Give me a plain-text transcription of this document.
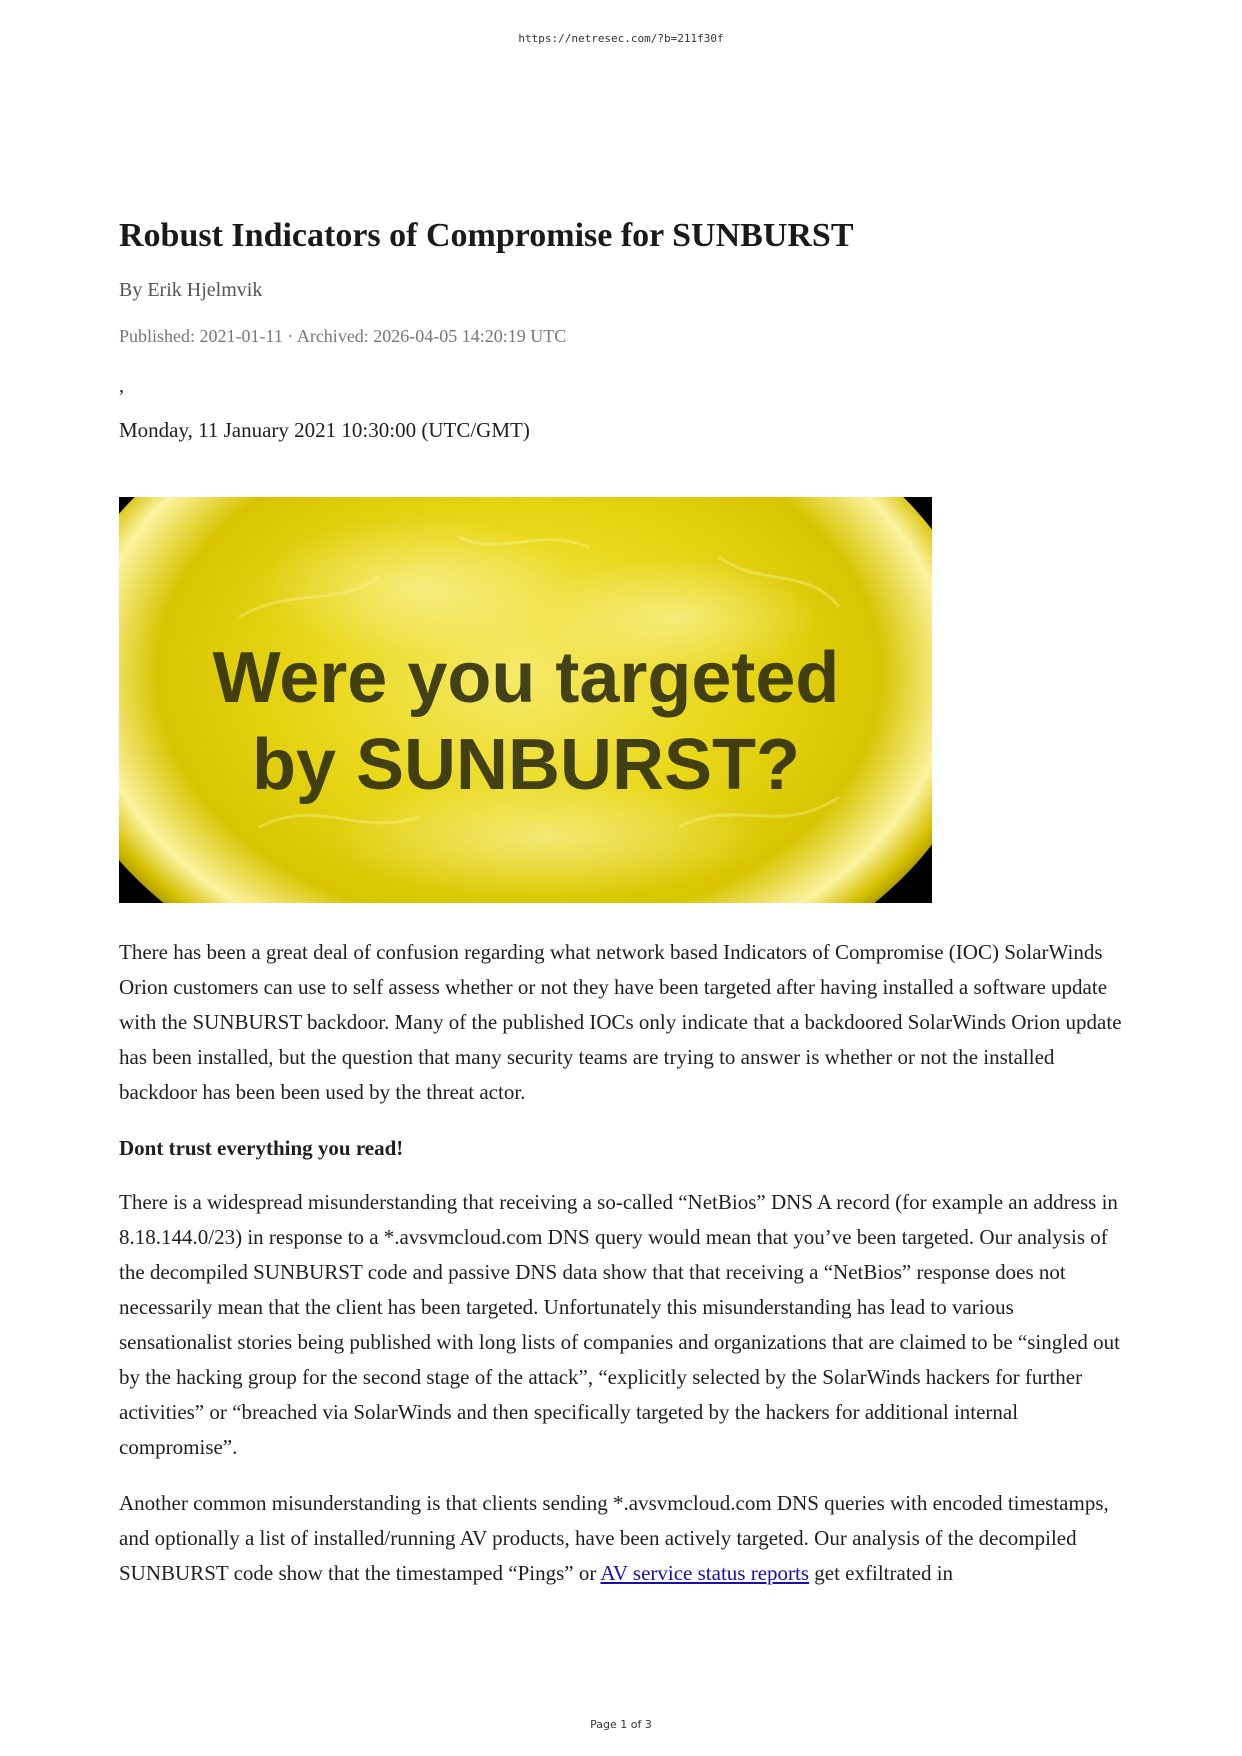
https://netresec.com/?b=211f30f
Robust Indicators of Compromise for SUNBURST
By Erik Hjelmvik
Published: 2021-01-11 · Archived: 2026-04-05 14:20:19 UTC
,
Monday, 11 January 2021 10:30:00 (UTC/GMT)
Were you targeted
by SUNBURST?

There has been a great deal of confusion regarding what network based Indicators of Compromise (IOC) SolarWinds Orion customers can use to self assess whether or not they have been targeted after having installed a software update with the SUNBURST backdoor. Many of the published IOCs only indicate that a backdoored SolarWinds Orion update has been installed, but the question that many security teams are trying to answer is whether or not the installed backdoor has been been used by the threat actor.

Dont trust everything you read!

There is a widespread misunderstanding that receiving a so-called “NetBios” DNS A record (for example an address in 8.18.144.0/23) in response to a *.avsvmcloud.com DNS query would mean that you’ve been targeted. Our analysis of the decompiled SUNBURST code and passive DNS data show that that receiving a “NetBios” response does not necessarily mean that the client has been targeted. Unfortunately this misunderstanding has lead to various sensationalist stories being published with long lists of companies and organizations that are claimed to be “singled out by the hacking group for the second stage of the attack”, “explicitly selected by the SolarWinds hackers for further activities” or “breached via SolarWinds and then specifically targeted by the hackers for additional internal compromise”.

Another common misunderstanding is that clients sending *.avsvmcloud.com DNS queries with encoded timestamps, and optionally a list of installed/running AV products, have been actively targeted. Our analysis of the decompiled SUNBURST code show that the timestamped “Pings” or AV service status reports get exfiltrated in

Page 1 of 3
